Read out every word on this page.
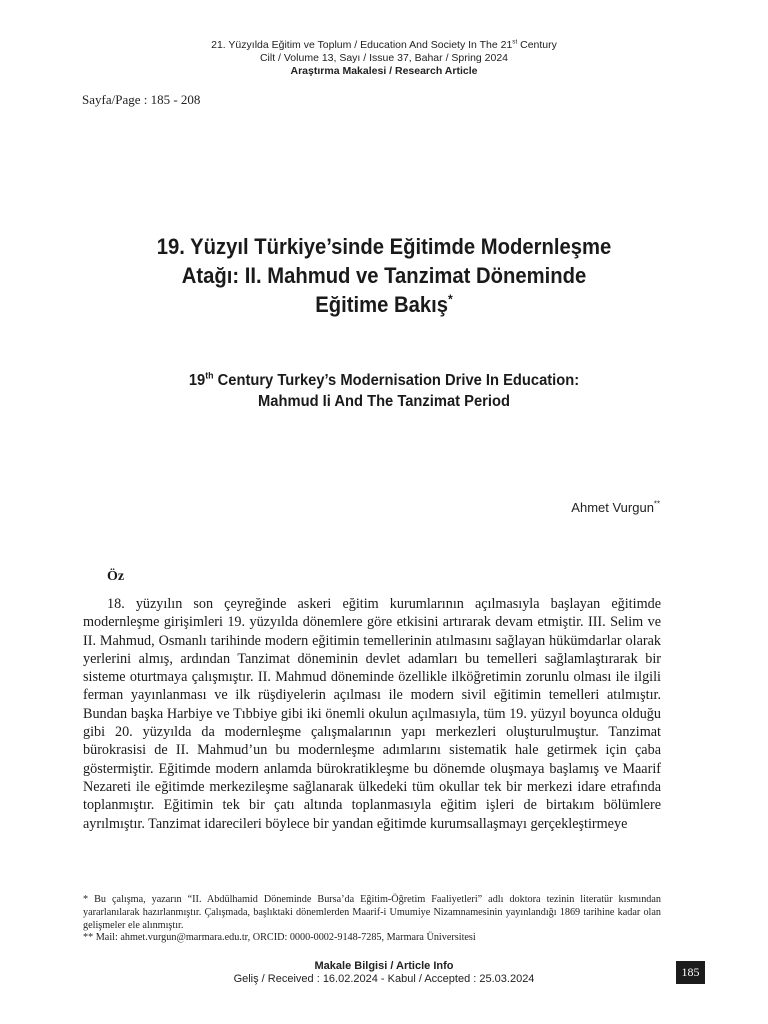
21. Yüzyılda Eğitim ve Toplum / Education And Society In The 21st Century
Cilt / Volume 13, Sayı / Issue 37, Bahar / Spring 2024
Araştırma Makalesi / Research Article
Sayfa/Page : 185 - 208
19. Yüzyıl Türkiye’sinde Eğitimde Modernleşme
Atağı: II. Mahmud ve Tanzimat Döneminde
Eğitime Bakış*
19th Century Turkey’s Modernisation Drive In Education:
Mahmud Ii And The Tanzimat Period
Ahmet Vurgun**
Öz
18. yüzyılın son çeyreğinde askeri eğitim kurumlarının açılmasıyla başlayan eğitimde modernleşme girişimleri 19. yüzyılda dönemlere göre etkisini artırarak devam etmiştir. III. Selim ve II. Mahmud, Osmanlı tarihinde modern eğitimin temellerinin atılmasını sağlayan hükümdarlar olarak yerlerini almış, ardından Tanzimat döneminin devlet adamları bu temelleri sağlamlaştırarak bir sisteme oturtmaya çalışmıştır. II. Mahmud döneminde özellikle ilköğretimin zorunlu olması ile ilgili ferman yayınlanması ve ilk rüşdiyelerin açılması ile modern sivil eğitimin temelleri atılmıştır. Bundan başka Harbiye ve Tıbbiye gibi iki önemli okulun açılmasıyla, tüm 19. yüzyıl boyunca olduğu gibi 20. yüzyılda da modernleşme çalışmalarının yapı merkezleri oluşturulmuştur. Tanzimat bürokrasisi de II. Mahmud’un bu modernleşme adımlarını sistematik hale getirmek için çaba göstermiştir. Eğitimde modern anlamda bürokratikleşme bu dönemde oluşmaya başlamış ve Maarif Nezareti ile eğitimde merkezileşme sağlanarak ülkedeki tüm okullar tek bir merkezi idare etrafında toplanmıştır. Eğitimin tek bir çatı altında toplanmasıyla eğitim işleri de birtakım bölümlere ayrılmıştır. Tanzimat idarecileri böylece bir yandan eğitimde kurumsallaşmayı gerçekleştirmeye

* Bu çalışma, yazarın “II. Abdülhamid Döneminde Bursa’da Eğitim-Öğretim Faaliyetleri” adlı doktora tezinin literatür kısmından yararlanılarak hazırlanmıştır. Çalışmada, başlıktaki dönemlerden Maarif-i Umumiye Nizamnamesinin yayınlandığı 1869 tarihine kadar olan gelişmeler ele alınmıştır.

** Mail: ahmet.vurgun@marmara.edu.tr, ORCID: 0000-0002-9148-7285, Marmara Üniversitesi

Makale Bilgisi / Article Info
Geliş / Received : 16.02.2024 - Kabul / Accepted : 25.03.2024	185
